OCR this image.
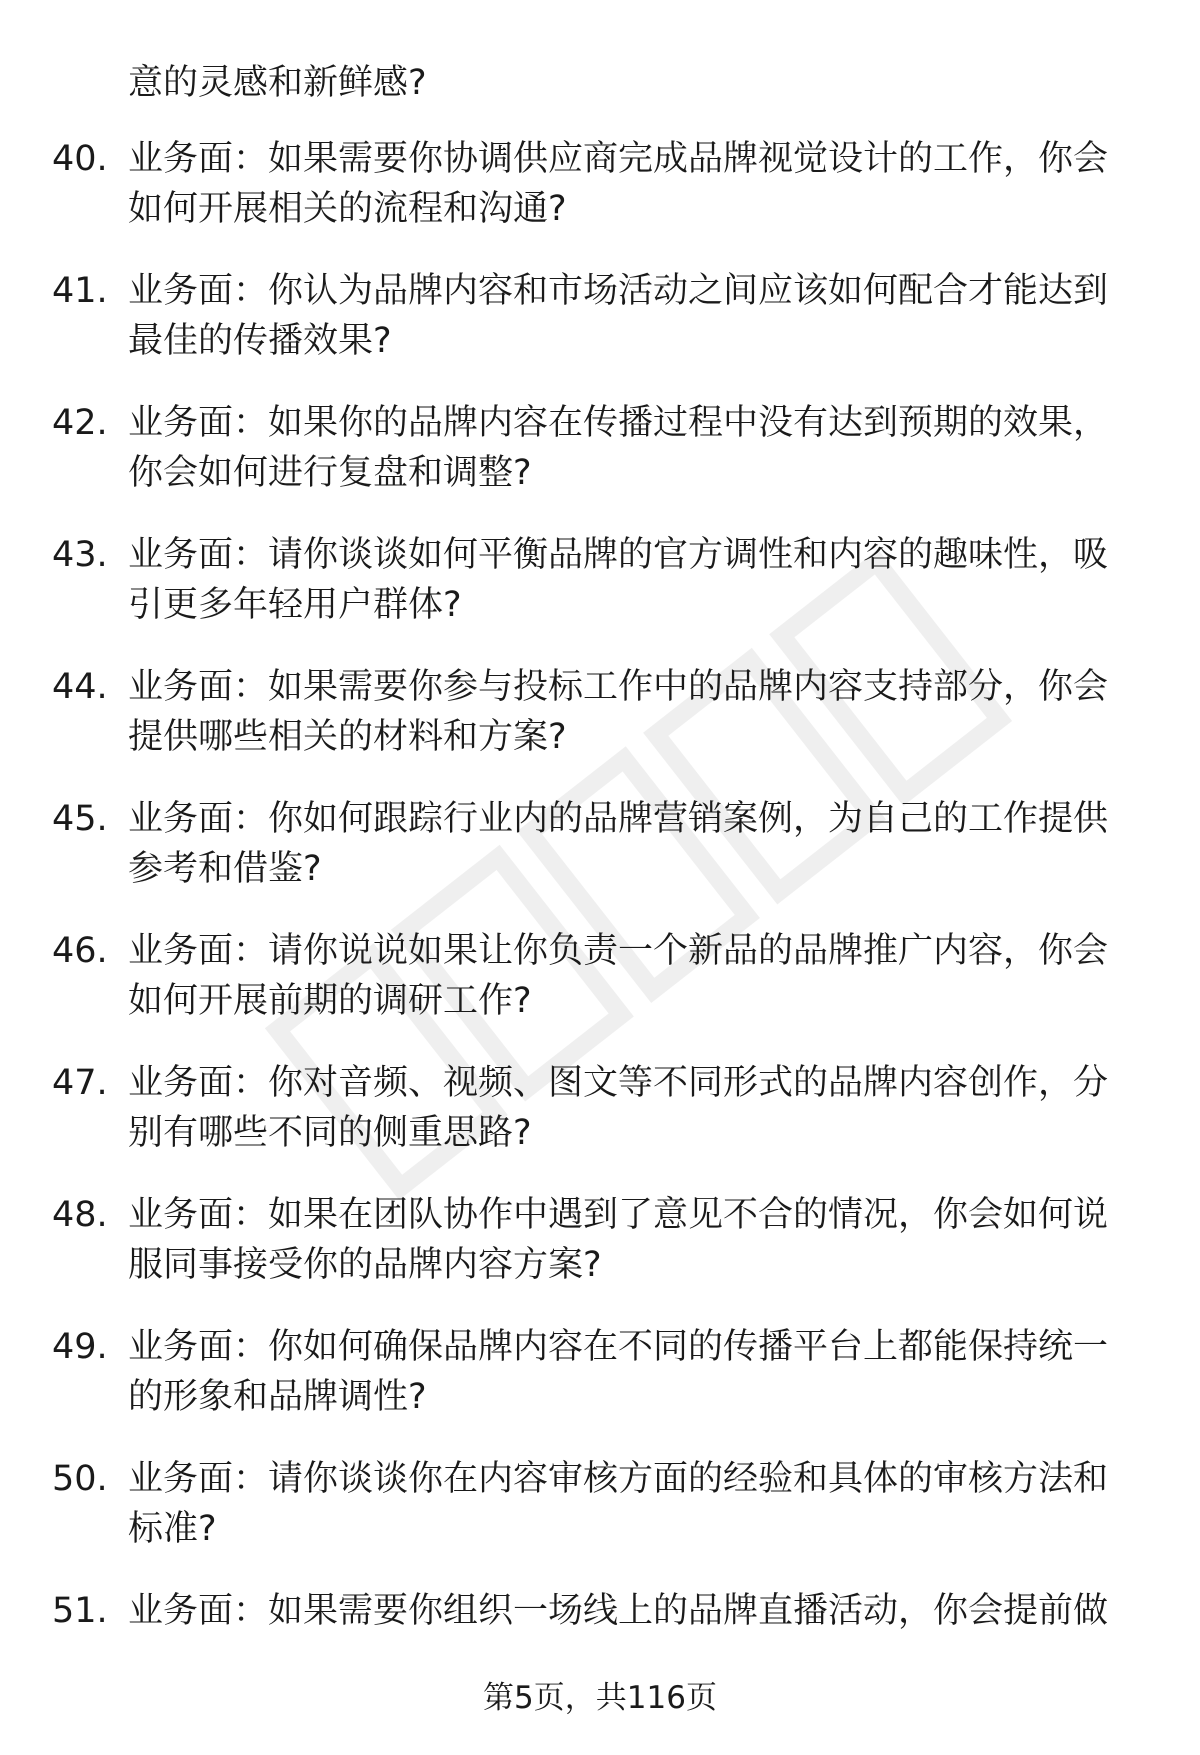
意的灵感和新鲜感?
40. 业务面：如果需要你协调供应商完成品牌视觉设计的工作，你会如何开展相关的流程和沟通?
41. 业务面：你认为品牌内容和市场活动之间应该如何配合才能达到最佳的传播效果?
42. 业务面：如果你的品牌内容在传播过程中没有达到预期的效果，你会如何进行复盘和调整?
43. 业务面：请你谈谈如何平衡品牌的官方调性和内容的趣味性，吸引更多年轻用户群体?
44. 业务面：如果需要你参与投标工作中的品牌内容支持部分，你会提供哪些相关的材料和方案?
45. 业务面：你如何跟踪行业内的品牌营销案例，为自己的工作提供参考和借鉴?
46. 业务面：请你说说如果让你负责一个新品的品牌推广内容，你会如何开展前期的调研工作?
47. 业务面：你对音频、视频、图文等不同形式的品牌内容创作，分别有哪些不同的侧重思路?
48. 业务面：如果在团队协作中遇到了意见不合的情况，你会如何说服同事接受你的品牌内容方案?
49. 业务面：你如何确保品牌内容在不同的传播平台上都能保持统一的形象和品牌调性?
50. 业务面：请你谈谈你在内容审核方面的经验和具体的审核方法和标准?
51. 业务面：如果需要你组织一场线上的品牌直播活动，你会提前做
第5页，共116页
